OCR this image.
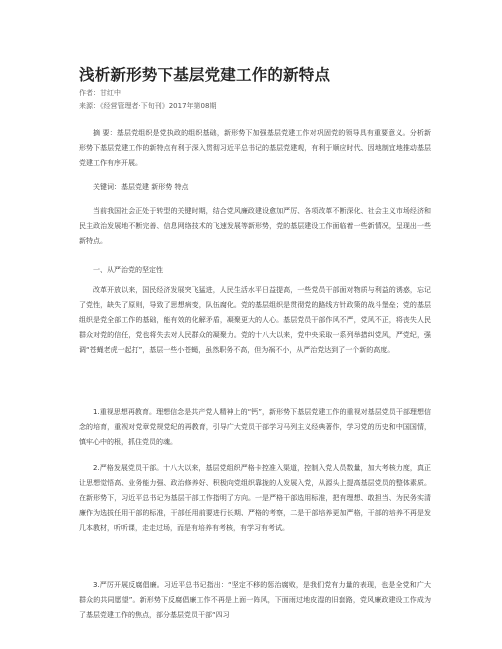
浅析新形势下基层党建工作的新特点
作者：甘红中
来源：《经营管理者·下旬刊》2017年第08期

摘 要：基层党组织是党执政的组织基础，新形势下加强基层党建工作对巩固党的领导具有重要意义。分析新形势下基层党建工作的新特点有利于深入贯彻习近平总书记的基层党建观，有利于顺应时代、因地制宜地推动基层党建工作有序开展。

关键词：基层党建 新形势 特点

当前我国社会正处于转型的关键时期，结合党风廉政建设愈加严厉、各项改革不断深化、社会主义市场经济和民主政治发展地不断完善、信息网络技术的飞速发展等新形势，党的基层建设工作面临着一些新情况，呈现出一些新特点。

一、从严治党的坚定性

改革开放以来，国民经济发展突飞猛进，人民生活水平日益提高，一些党员干部面对物质与利益的诱惑，忘记了党性，缺失了原则，导致了思想病变，队伍腐化。党的基层组织是贯彻党的路线方针政策的战斗堡垒；党的基层组织是党全部工作的基础，能有效的化解矛盾，凝聚更大的人心。基层党员干部作风不严，党风不正，将丧失人民群众对党的信任，党也将失去对人民群众的凝聚力。党的十八大以来，党中央采取一系列举措纠党风，严党纪，强调“苍蝇老虎一起打”，基层一些小苍蝇，虽然职务不高，但为祸不小，从严治党达到了一个新的高度。

1.重视思想再教育。理想信念是共产党人精神上的“钙”，新形势下基层党建工作的重视对基层党员干部理想信念的培育，重视对党章党规党纪的再教育，引导广大党员干部学习马列主义经典著作，学习党的历史和中国国情，慎牢心中的根，抓住党员的魂。

2.严格发展党员干部。十八大以来，基层党组织严格卡控准入渠道，控制入党人员数量，加大考核力度，真正让思想觉悟高、业务能力强、政治修养好、积极向党组织靠拢的人发展入党，从源头上提高基层党员的整体素质。在新形势下，习近平总书记为基层干部工作指明了方向。一是严格干部选用标准，把有理想、敢担当、为民务实清廉作为选拔任用干部的标准，干部任用前要进行长期、严格的考察，二是干部培养更加严格，干部的培养不再是发几本教材，听听课，走走过场，而是有培养有考核，有学习有考试。

3.严厉开展反腐倡廉。习近平总书记指出：“坚定不移的惩治腐败，是我们党有力量的表现，也是全党和广大群众的共同愿望”。新形势下反腐倡廉工作不再是上面一阵风，下面雨过地皮湿的旧套路，党风廉政建设工作成为了基层党建工作的焦点，部分基层党员干部“四习
